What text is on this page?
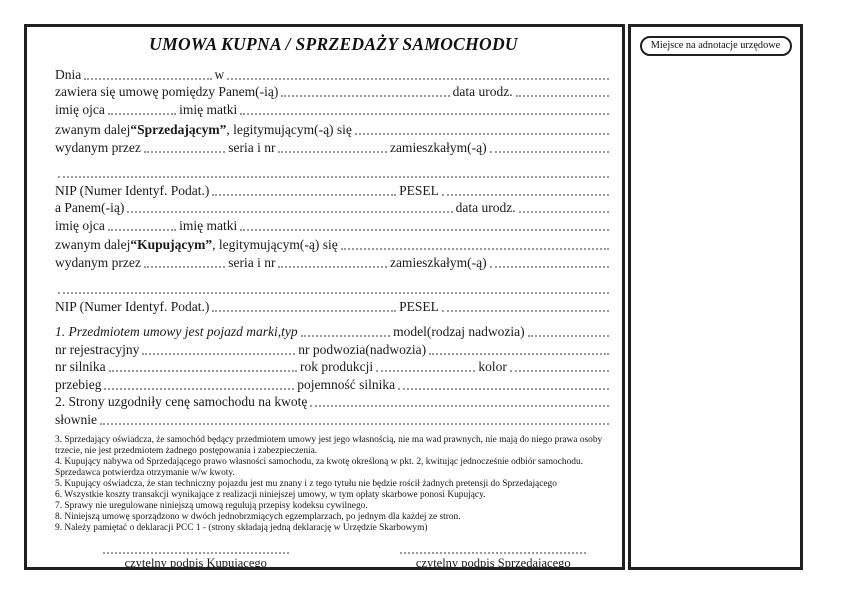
UMOWA KUPNA / SPRZEDAŻY SAMOCHODU
Dnia	w
zawiera się umowę pomiędzy Panem(-ią)	data urodz.
imię ojca	imię matki
zwanym dalej “Sprzedającym” , legitymującym(-ą) się
wydanym przez	seria i nr	zamieszkałym(-ą)
NIP (Numer Identyf. Podat.)	PESEL
a Panem(-ią)	data urodz.
imię ojca	imię matki
zwanym dalej “Kupującym” , legitymującym(-ą) się
wydanym przez	seria i nr	zamieszkałym(-ą)
NIP (Numer Identyf. Podat.)	PESEL
1. Przedmiotem umowy jest pojazd marki,typ	model(rodzaj nadwozia)
nr rejestracyjny	nr podwozia(nadwozia)
nr silnika	rok produkcji	kolor
przebieg	pojemność silnika
2. Strony uzgodniły cenę samochodu na kwotę
słownie

3. Sprzedający oświadcza, że samochód będący przedmiotem umowy jest jego własnością, nie ma wad prawnych, nie mają do niego prawa osoby trzecie, nie jest przedmiotem żadnego postępowania i zabezpieczenia.

4. Kupujący nabywa od Sprzedającego prawo własności samochodu, za kwotę określoną w pkt. 2, kwitując jednocześnie odbiór samochodu. Sprzedawca potwierdza otrzymanie w/w kwoty.

5. Kupujący oświadcza, że stan techniczny pojazdu jest mu znany i z tego tytułu nie będzie rościł żadnych pretensji do Sprzedającego

6. Wszystkie koszty transakcji wynikające z realizacji niniejszej umowy, w tym opłaty skarbowe ponosi Kupujący.

7. Sprawy nie uregulowane niniejszą umową regulują przepisy kodeksu cywilnego.

8. Niniejszą umowę sporządzono w dwóch jednobrzmiących egzemplarzach, po jednym dla każdej ze stron.

9. Należy pamiętać o deklaracji PCC 1 - (strony składają jedną deklarację w Urzędzie Skarbowym)

czytelny podpis Kupującego	czytelny podpis Sprzedającego
Miejsce na adnotacje urzędowe
